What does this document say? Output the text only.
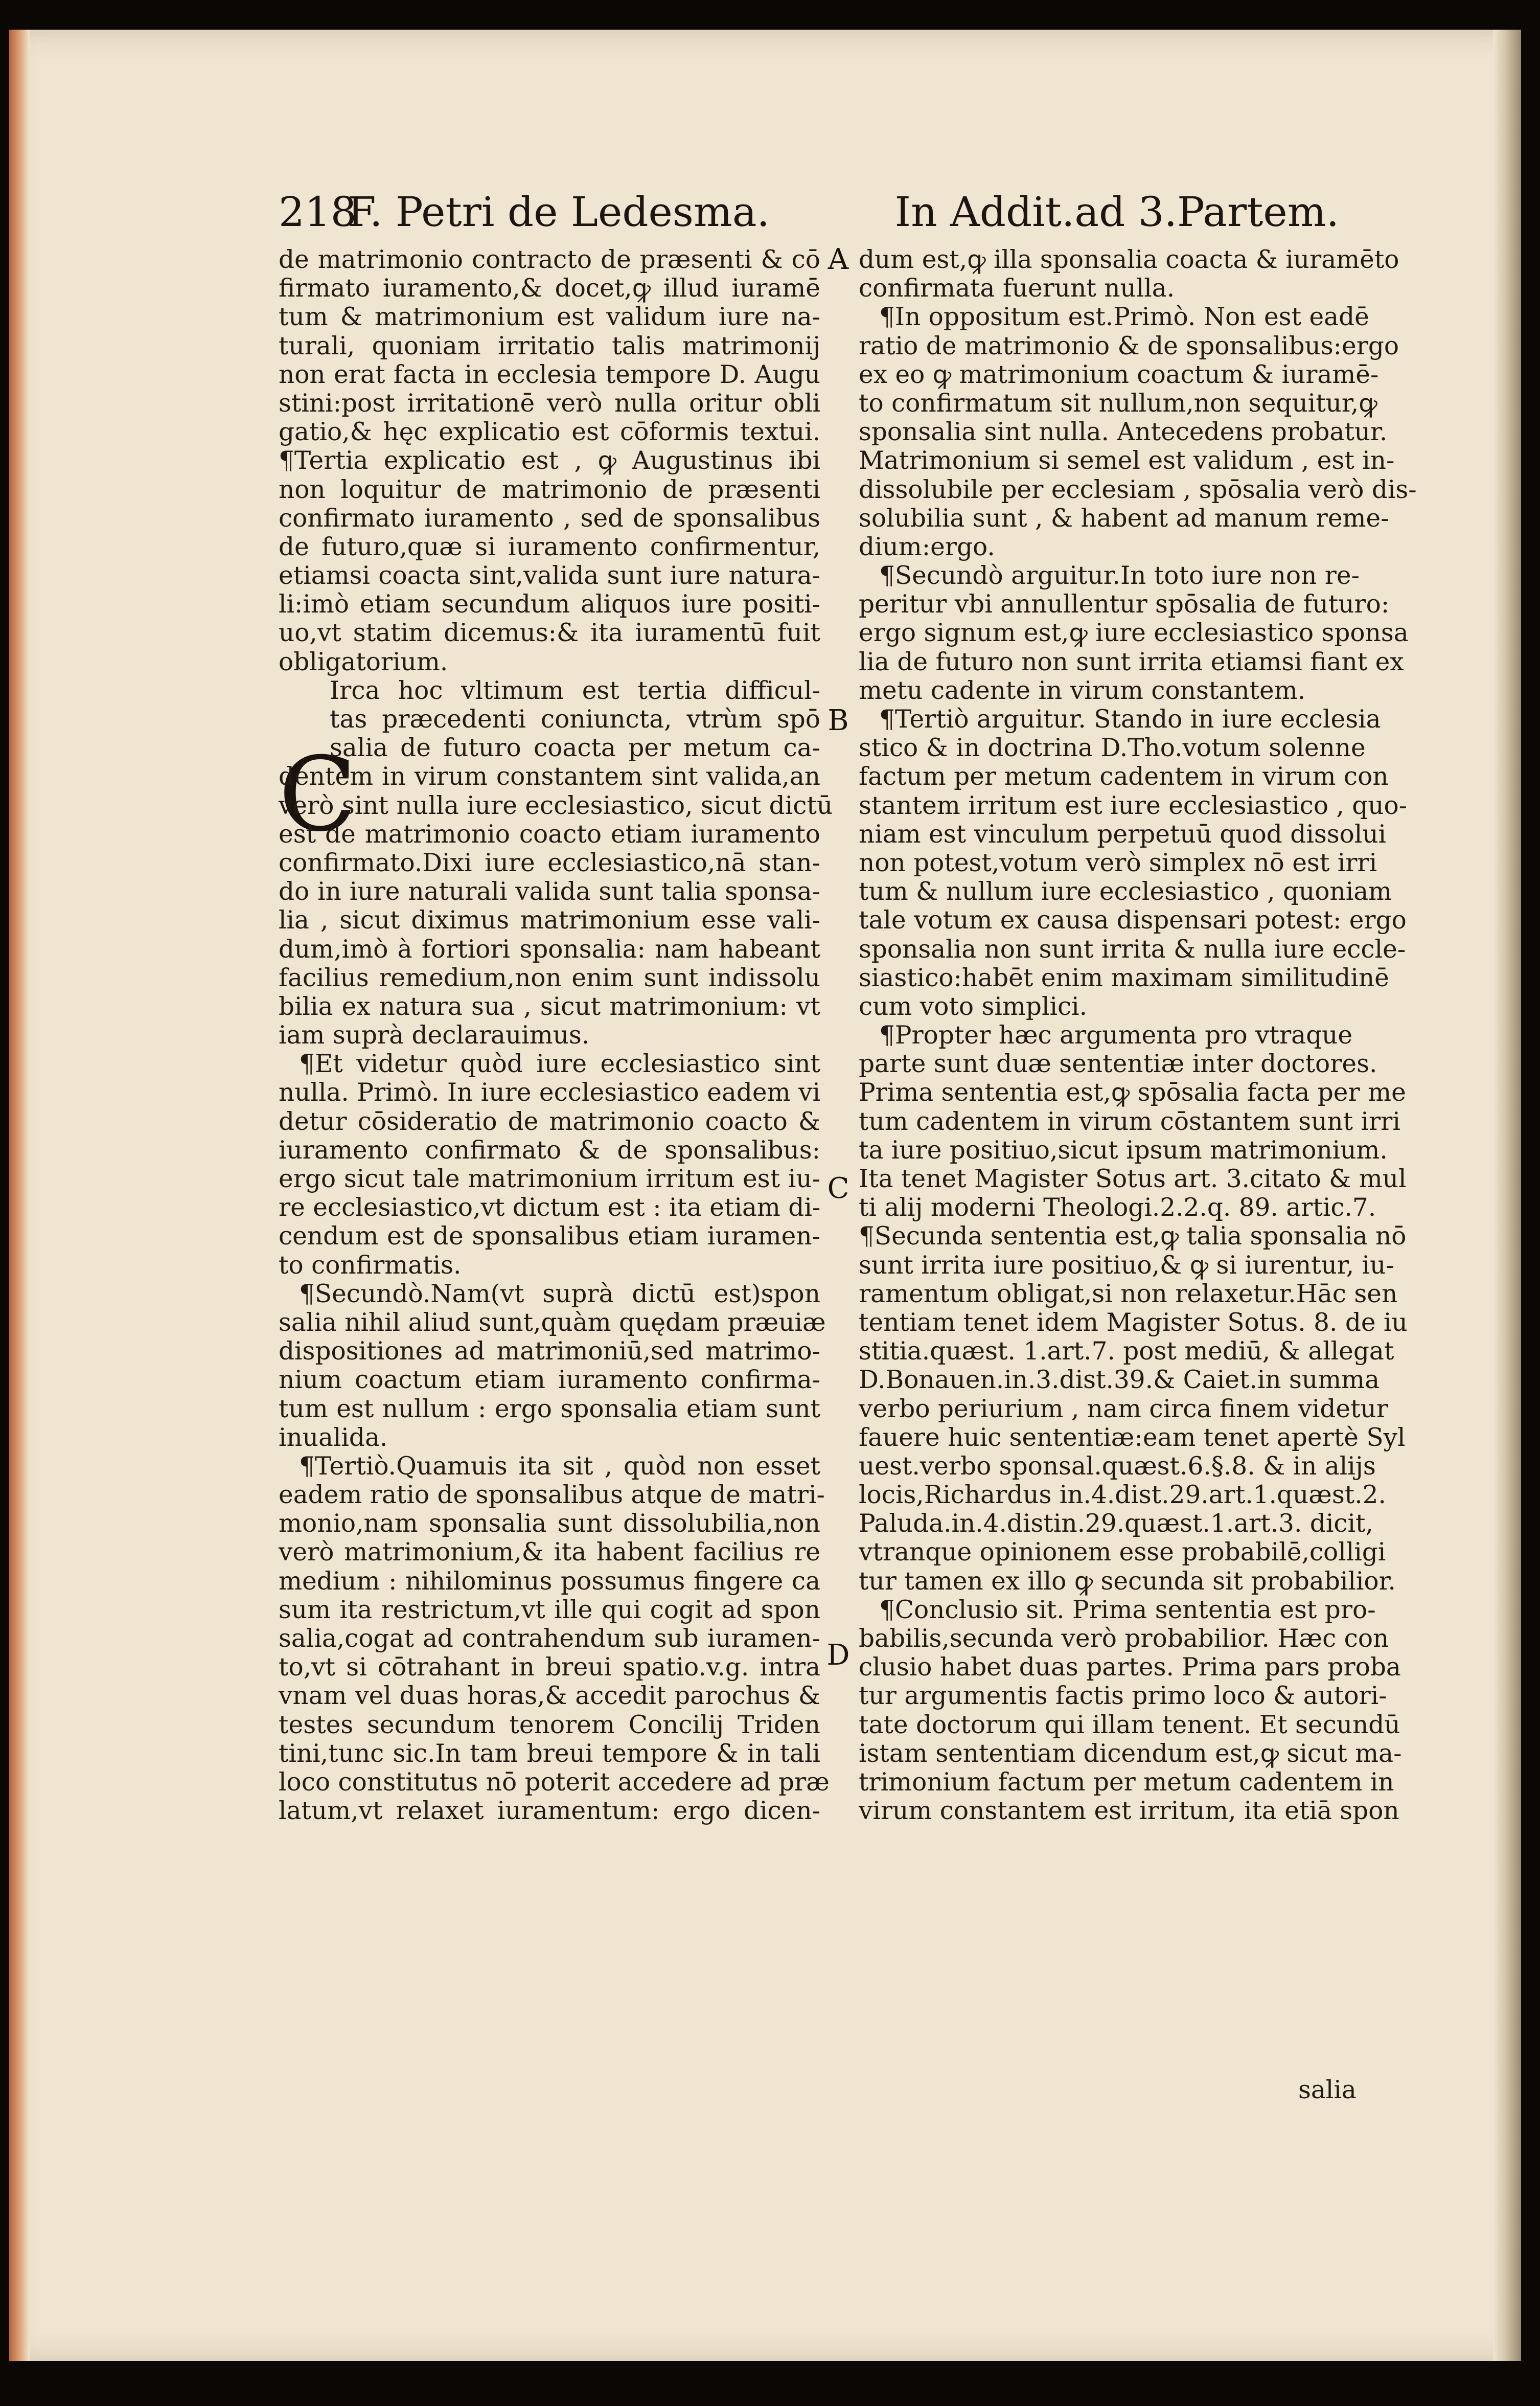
218
F. Petri de Ledesma.	In Addit.ad 3.Partem.
C
de matrimonio contracto de præsenti & cō
firmato iuramento,& docet,ꝙ illud iuramē
tum & matrimonium est validum iure na-
turali, quoniam irritatio talis matrimonij
non erat facta in ecclesia tempore D. Augu
stini:post irritationē verò nulla oritur obli
gatio,& hęc explicatio est cōformis textui.
¶Tertia explicatio est , ꝙ Augustinus ibi
non loquitur de matrimonio de præsenti
confirmato iuramento , sed de sponsalibus
de futuro,quæ si iuramento confirmentur,
etiamsi coacta sint,valida sunt iure natura-
li:imò etiam secundum aliquos iure positi-
uo,vt statim dicemus:& ita iuramentū fuit
obligatorium.
Irca hoc vltimum est tertia difficul-
tas præcedenti coniuncta, vtrùm spō
salia de futuro coacta per metum ca-
dentem in virum constantem sint valida,an
verò sint nulla iure ecclesiastico, sicut dictū
est de matrimonio coacto etiam iuramento
confirmato.Dixi iure ecclesiastico,nā stan-
do in iure naturali valida sunt talia sponsa-
lia , sicut diximus matrimonium esse vali-
dum,imò à fortiori sponsalia: nam habeant
facilius remedium,non enim sunt indissolu
bilia ex natura sua , sicut matrimonium: vt
iam suprà declarauimus.
¶Et videtur quòd iure ecclesiastico sint
nulla. Primò. In iure ecclesiastico eadem vi
detur cōsideratio de matrimonio coacto &
iuramento confirmato & de sponsalibus:
ergo sicut tale matrimonium irritum est iu-
re ecclesiastico,vt dictum est : ita etiam di-
cendum est de sponsalibus etiam iuramen-
to confirmatis.
¶Secundò.Nam(vt suprà dictū est)spon
salia nihil aliud sunt,quàm quędam præuiæ
dispositiones ad matrimoniū,sed matrimo-
nium coactum etiam iuramento confirma-
tum est nullum : ergo sponsalia etiam sunt
inualida.
¶Tertiò.Quamuis ita sit , quòd non esset
eadem ratio de sponsalibus atque de matri-
monio,nam sponsalia sunt dissolubilia,non
verò matrimonium,& ita habent facilius re
medium : nihilominus possumus fingere ca
sum ita restrictum,vt ille qui cogit ad spon
salia,cogat ad contrahendum sub iuramen-
to,vt si cōtrahant in breui spatio.v.g. intra
vnam vel duas horas,& accedit parochus &
testes secundum tenorem Concilij Triden
tini,tunc sic.In tam breui tempore & in tali
loco constitutus nō poterit accedere ad præ
latum,vt relaxet iuramentum: ergo dicen-
dum est,ꝙ illa sponsalia coacta & iuramēto
confirmata fuerunt nulla.
¶In oppositum est.Primò. Non est eadē
ratio de matrimonio & de sponsalibus:ergo
ex eo ꝙ matrimonium coactum & iuramē-
to confirmatum sit nullum,non sequitur,ꝙ
sponsalia sint nulla. Antecedens probatur.
Matrimonium si semel est validum , est in-
dissolubile per ecclesiam , spōsalia verò dis-
solubilia sunt , & habent ad manum reme-
dium:ergo.
¶Secundò arguitur.In toto iure non re-
peritur vbi annullentur spōsalia de futuro:
ergo signum est,ꝙ iure ecclesiastico sponsa
lia de futuro non sunt irrita etiamsi fiant ex
metu cadente in virum constantem.
¶Tertiò arguitur. Stando in iure ecclesia
stico & in doctrina D.Tho.votum solenne
factum per metum cadentem in virum con
stantem irritum est iure ecclesiastico , quo-
niam est vinculum perpetuū quod dissolui
non potest,votum verò simplex nō est irri
tum & nullum iure ecclesiastico , quoniam
tale votum ex causa dispensari potest: ergo
sponsalia non sunt irrita & nulla iure eccle-
siastico:habēt enim maximam similitudinē
cum voto simplici.
¶Propter hæc argumenta pro vtraque
parte sunt duæ sententiæ inter doctores.
Prima sententia est,ꝙ spōsalia facta per me
tum cadentem in virum cōstantem sunt irri
ta iure positiuo,sicut ipsum matrimonium.
Ita tenet Magister Sotus art. 3.citato & mul
ti alij moderni Theologi.2.2.q. 89. artic.7.
¶Secunda sententia est,ꝙ talia sponsalia nō
sunt irrita iure positiuo,& ꝙ si iurentur, iu-
ramentum obligat,si non relaxetur.Hāc sen
tentiam tenet idem Magister Sotus. 8. de iu
stitia.quæst. 1.art.7. post mediū, & allegat
D.Bonauen.in.3.dist.39.& Caiet.in summa
verbo periurium , nam circa finem videtur
fauere huic sententiæ:eam tenet apertè Syl
uest.verbo sponsal.quæst.6.§.8. & in alijs
locis,Richardus in.4.dist.29.art.1.quæst.2.
Paluda.in.4.distin.29.quæst.1.art.3. dicit,
vtranque opinionem esse probabilē,colligi
tur tamen ex illo ꝙ secunda sit probabilior.
¶Conclusio sit. Prima sententia est pro-
babilis,secunda verò probabilior. Hæc con
clusio habet duas partes. Prima pars proba
tur argumentis factis primo loco & autori-
tate doctorum qui illam tenent. Et secundū
istam sententiam dicendum est,ꝙ sicut ma-
trimonium factum per metum cadentem in
virum constantem est irritum, ita etiā spon
A
B
C
D
salia
